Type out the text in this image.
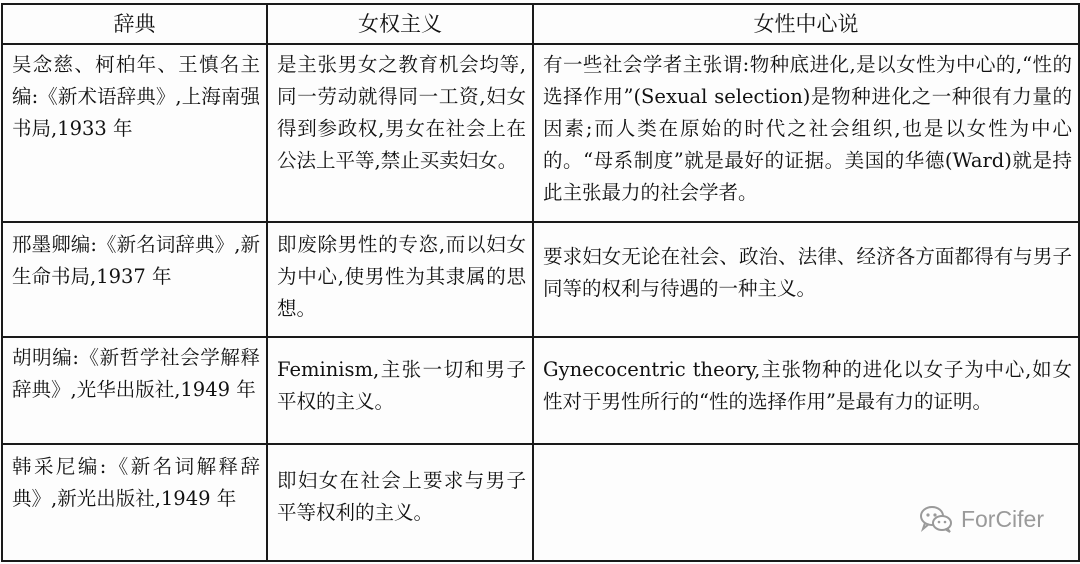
辞典	女权主义	女性中心说

吴念慈、柯柏年、王慎名主编:《新术语辞典》,上海南强书局,1933 年	是主张男女之教育机会均等,同一劳动就得同一工资,妇女得到参政权,男女在社会上在公法上平等,禁止买卖妇女。	有一些社会学者主张谓:物种底进化,是以女性为中心的,“性的选择作用”(Sexual selection)是物种进化之一种很有力量的因素;而人类在原始的时代之社会组织,也是以女性为中心的。“母系制度”就是最好的证据。美国的华德(Ward)就是持此主张最力的社会学者。

邢墨卿编:《新名词辞典》,新生命书局,1937 年	即废除男性的专恣,而以妇女为中心,使男性为其隶属的思想。	要求妇女无论在社会、政治、法律、经济各方面都得有与男子同等的权利与待遇的一种主义。

胡明编:《新哲学社会学解释辞典》,光华出版社,1949 年	Feminism,主张一切和男子平权的主义。	Gynecocentric theory,主张物种的进化以女子为中心,如女性对于男性所行的“性的选择作用”是最有力的证明。

韩采尼编:《新名词解释辞典》,新光出版社,1949 年	即妇女在社会上要求与男子平等权利的主义。	
		ForCifer
